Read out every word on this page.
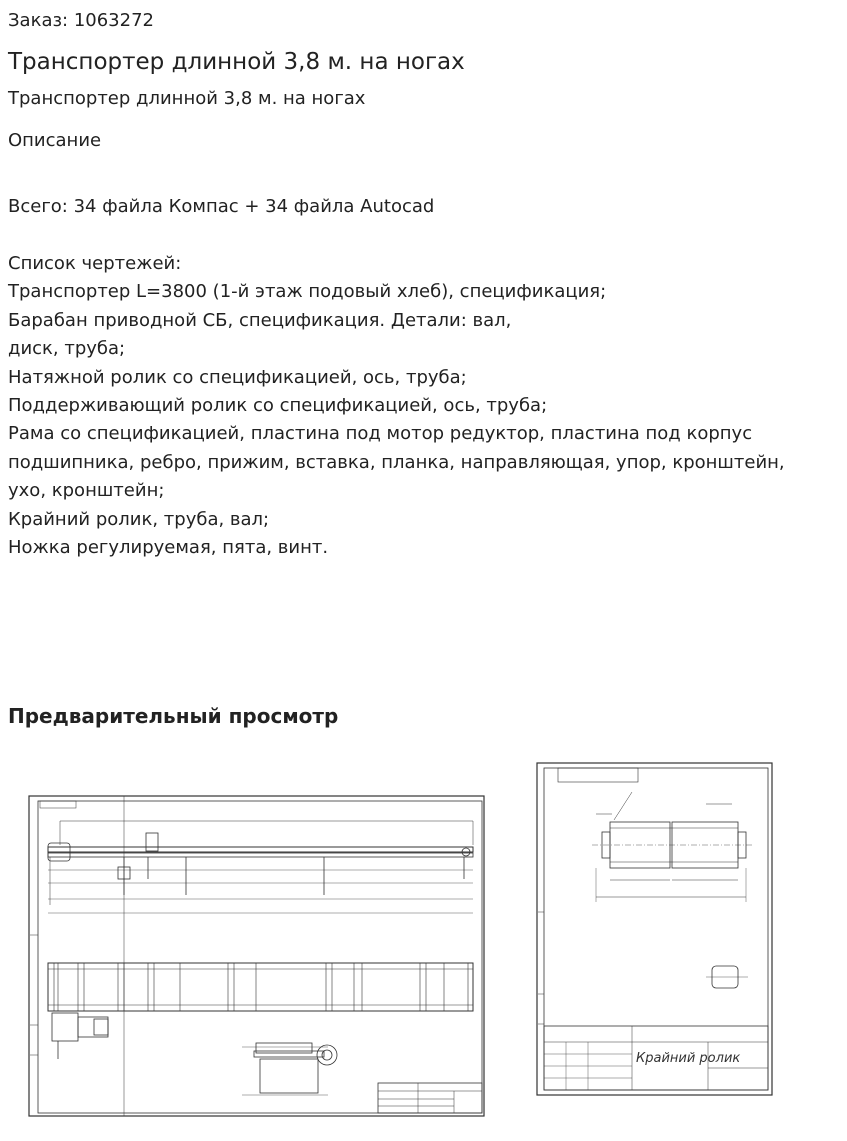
Заказ: 1063272
Транспортер длинной 3,8 м. на ногах
Транспортер длинной 3,8 м. на ногах
Описание
Всего: 34 файла Компас + 34 файла Autocad
Список чертежей:
Транспортер L=3800 (1-й этаж подовый хлеб), спецификация;
Барабан приводной СБ, спецификация. Детали: вал,
диск, труба;
Натяжной ролик со спецификацией, ось, труба;
Поддерживающий ролик со спецификацией, ось, труба;
Рама со спецификацией, пластина под мотор редуктор, пластина под корпус
подшипника, ребро, прижим, вставка, планка, направляющая, упор, кронштейн,
ухо, кронштейн;
Крайний ролик, труба, вал;
Ножка регулируемая, пята, винт.
Предварительный просмотр
Крайний ролик
